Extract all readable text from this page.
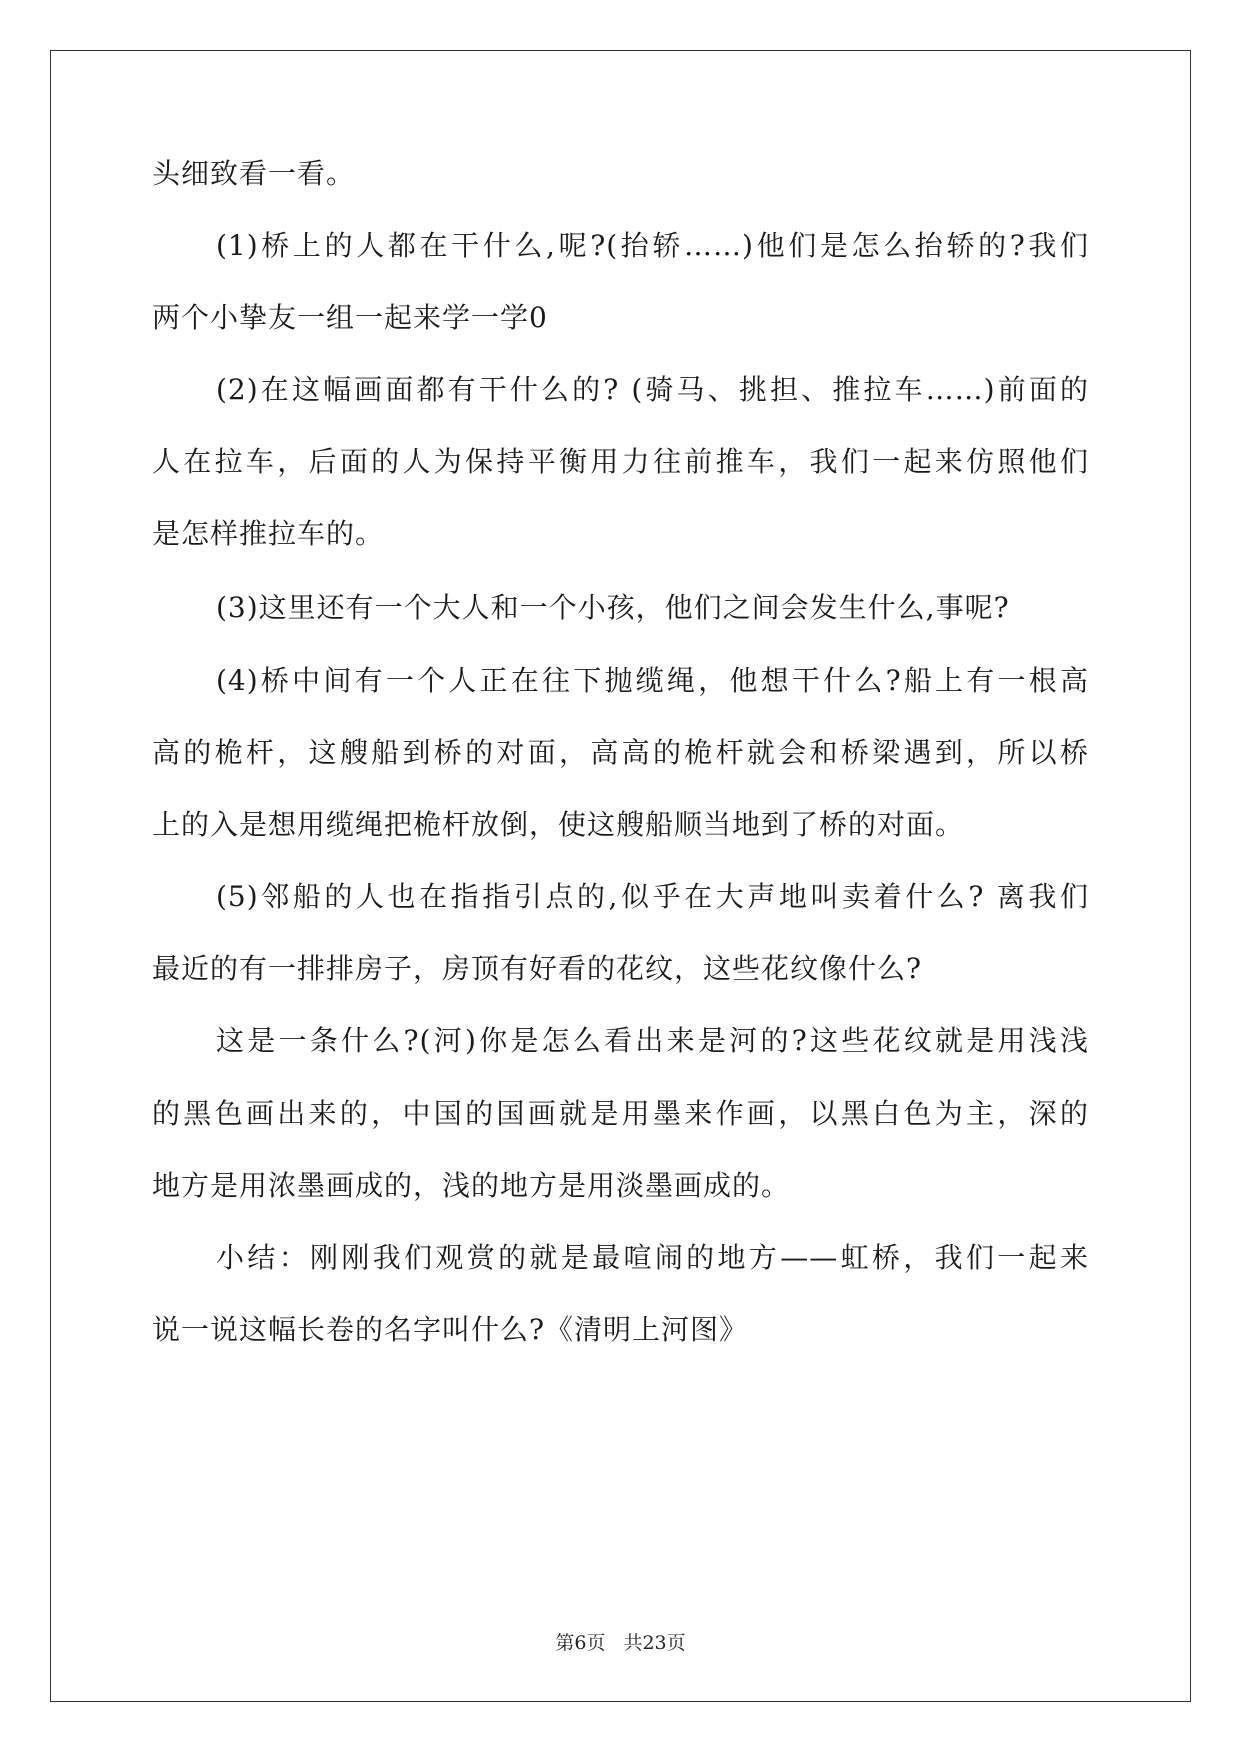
头细致看一看。
(1)桥上的人都在干什么,呢?(抬轿……)他们是怎么抬轿的?我们
两个小挚友一组一起来学一学0
(2)在这幅画面都有干什么的? (骑马、挑担、推拉车……)前面的
人在拉车，后面的人为保持平衡用力往前推车，我们一起来仿照他们
是怎样推拉车的。
(3)这里还有一个大人和一个小孩，他们之间会发生什么,事呢?
(4)桥中间有一个人正在往下抛缆绳，他想干什么?船上有一根高
高的桅杆，这艘船到桥的对面，高高的桅杆就会和桥梁遇到，所以桥
上的入是想用缆绳把桅杆放倒，使这艘船顺当地到了桥的对面。
(5)邻船的人也在指指引点的,似乎在大声地叫卖着什么? 离我们
最近的有一排排房子，房顶有好看的花纹，这些花纹像什么?
这是一条什么?(河)你是怎么看出来是河的?这些花纹就是用浅浅
的黑色画出来的，中国的国画就是用墨来作画，以黑白色为主，深的
地方是用浓墨画成的，浅的地方是用淡墨画成的。
小结：刚刚我们观赏的就是最喧闹的地方——虹桥，我们一起来
说一说这幅长卷的名字叫什么?《清明上河图》
第6页 共23页
